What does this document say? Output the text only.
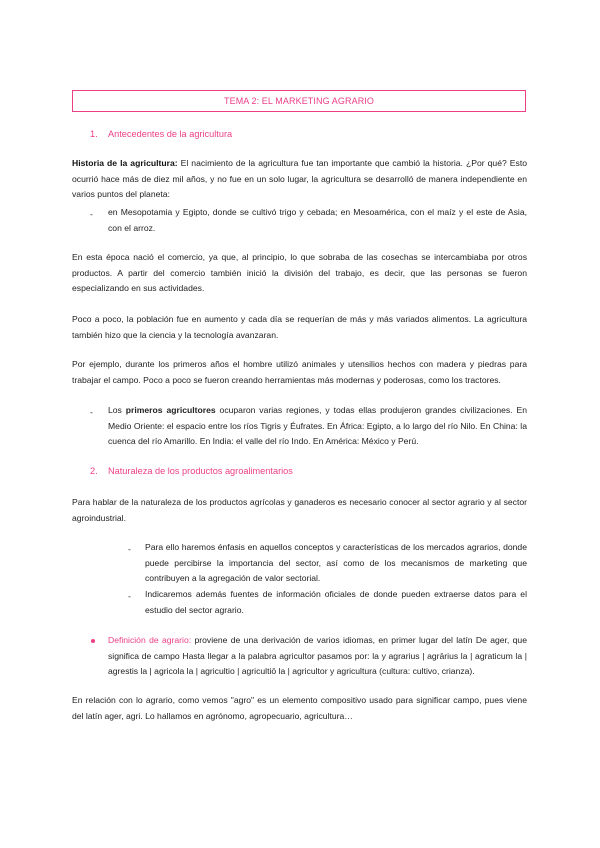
TEMA 2: EL MARKETING AGRARIO
1. Antecedentes de la agricultura

Historia de la agricultura: El nacimiento de la agricultura fue tan importante que cambió la historia. ¿Por qué? Esto ocurrió hace más de diez mil años, y no fue en un solo lugar, la agricultura se desarrolló de manera independiente en varios puntos del planeta:

- en Mesopotamia y Egipto, donde se cultivó trigo y cebada; en Mesoamérica, con el maíz y el este de Asia, con el arroz.

En esta época nació el comercio, ya que, al principio, lo que sobraba de las cosechas se intercambiaba por otros productos. A partir del comercio también inició la división del trabajo, es decir, que las personas se fueron especializando en sus actividades.

Poco a poco, la población fue en aumento y cada día se requerían de más y más variados alimentos. La agricultura también hizo que la ciencia y la tecnología avanzaran.

Por ejemplo, durante los primeros años el hombre utilizó animales y utensilios hechos con madera y piedras para trabajar el campo. Poco a poco se fueron creando herramientas más modernas y poderosas, como los tractores.

- Los primeros agricultores ocuparon varias regiones, y todas ellas produjeron grandes civilizaciones. En Medio Oriente: el espacio entre los ríos Tigris y Éufrates. En África: Egipto, a lo largo del río Nilo. En China: la cuenca del río Amarillo. En India: el valle del río Indo. En América: México y Perú.

2. Naturaleza de los productos agroalimentarios

Para hablar de la naturaleza de los productos agrícolas y ganaderos es necesario conocer al sector agrario y al sector agroindustrial.

- Para ello haremos énfasis en aquellos conceptos y características de los mercados agrarios, donde puede percibirse la importancia del sector, así como de los mecanismos de marketing que contribuyen a la agregación de valor sectorial.

- Indicaremos además fuentes de información oficiales de donde pueden extraerse datos para el estudio del sector agrario.

Definición de agrario: proviene de una derivación de varios idiomas, en primer lugar del latín De ager, que significa de campo Hasta llegar a la palabra agricultor pasamos por: la y agrarius | agrārius la | agraticum la | agrestis la | agricola la | agricultio | agricultiō la | agricultor y agricultura (cultura: cultivo, crianza).

En relación con lo agrario, como vemos "agro" es un elemento compositivo usado para significar campo, pues viene del latín ager, agri. Lo hallamos en agrónomo, agropecuario, agricultura…
